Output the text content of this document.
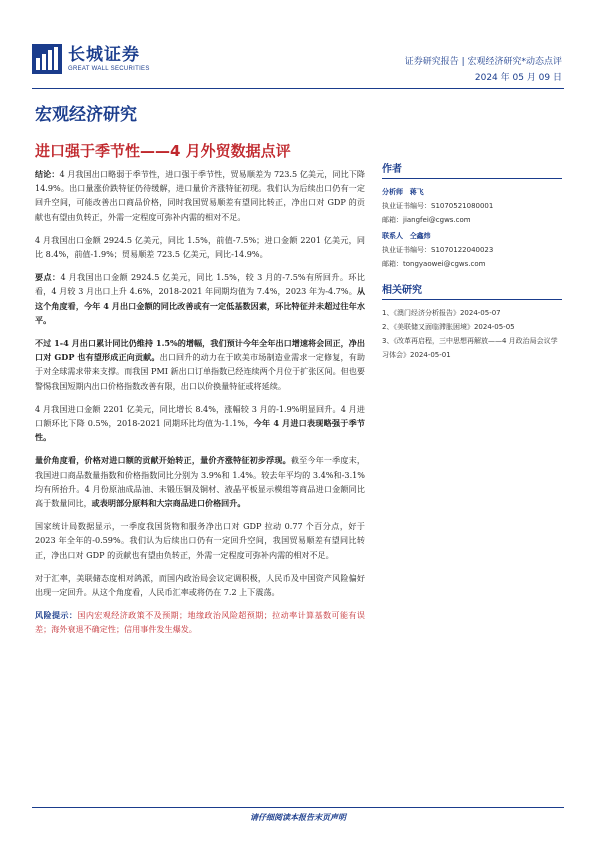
长城证券
GREAT WALL SECURITIES
证券研究报告 | 宏观经济研究*动态点评
2024 年 05 月 09 日
宏观经济研究
进口强于季节性——4 月外贸数据点评

结论：4 月我国出口略弱于季节性，进口强于季节性，贸易顺差为 723.5 亿美元，同比下降 14.9%。出口量涨价跌特征仍待缓解，进口量价齐涨特征初现。我们认为后续出口仍有一定回升空间，可能改善出口商品价格，同时我国贸易顺差有望同比转正，净出口对 GDP 的贡献也有望由负转正，外需一定程度可弥补内需的相对不足。

4 月我国出口金额 2924.5 亿美元，同比 1.5%，前值-7.5%；进口金额 2201 亿美元，同比 8.4%，前值-1.9%；贸易顺差 723.5 亿美元，同比-14.9%。

要点：4 月我国出口金额 2924.5 亿美元，同比 1.5%，较 3 月的-7.5%有所回升。环比看，4 月较 3 月出口上升 4.6%，2018-2021 年同期均值为 7.4%，2023 年为-4.7%。从这个角度看，今年 4 月出口金额的同比改善或有一定低基数因素，环比特征并未超过往年水平。

不过 1-4 月出口累计同比仍维持 1.5%的增幅，我们预计今年全年出口增速将会回正，净出口对 GDP 也有望形成正向贡献。出口回升的动力在于欧美市场制造业需求一定修复，有助于对全球需求带来支撑。而我国 PMI 新出口订单指数已经连续两个月位于扩张区间。但也要警惕我国短期内出口价格指数改善有限，出口以价换量特征或将延续。

4 月我国进口金额 2201 亿美元，同比增长 8.4%，涨幅较 3 月的-1.9%明显回升。4 月进口额环比下降 0.5%，2018-2021 同期环比均值为-1.1%，今年 4 月进口表现略强于季节性。

量价角度看，价格对进口额的贡献开始转正，量价齐涨特征初步浮现。截至今年一季度末，我国进口商品数量指数和价格指数同比分别为 3.9%和 1.4%。较去年平均的 3.4%和-3.1%均有所抬升。4 月份原油成品油、未锻压铜及铜材、液晶平板显示模组等商品进口金额同比高于数量同比，或表明部分原料和大宗商品进口价格回升。

国家统计局数据显示，一季度我国货物和服务净出口对 GDP 拉动 0.77 个百分点，好于 2023 年全年的-0.59%。我们认为后续出口仍有一定回升空间，我国贸易顺差有望同比转正，净出口对 GDP 的贡献也有望由负转正，外需一定程度可弥补内需的相对不足。

对于汇率，美联储态度相对鸽派，而国内政治局会议定调积极，人民币及中国资产风险偏好出现一定回升。从这个角度看，人民币汇率或将仍在 7.2 上下震荡。

风险提示：国内宏观经济政策不及预期；地缘政治风险超预期；拉动率计算基数可能有误差；海外衰退不确定性；信用事件发生爆发。

作者
分析师 蒋飞
执业证书编号：S1070521080001
邮箱：jiangfei@cgws.com
联系人 仝鑫炜
执业证书编号：S1070122040023
邮箱：tongyaowei@cgws.com
相关研究
1、《澳门经济分析报告》2024-05-07
2、《美联储又面临滞胀困境》2024-05-05
3、《改革再启程，三中思想再解放——4 月政治局会议学习体会》2024-05-01
请仔细阅读本报告末页声明
